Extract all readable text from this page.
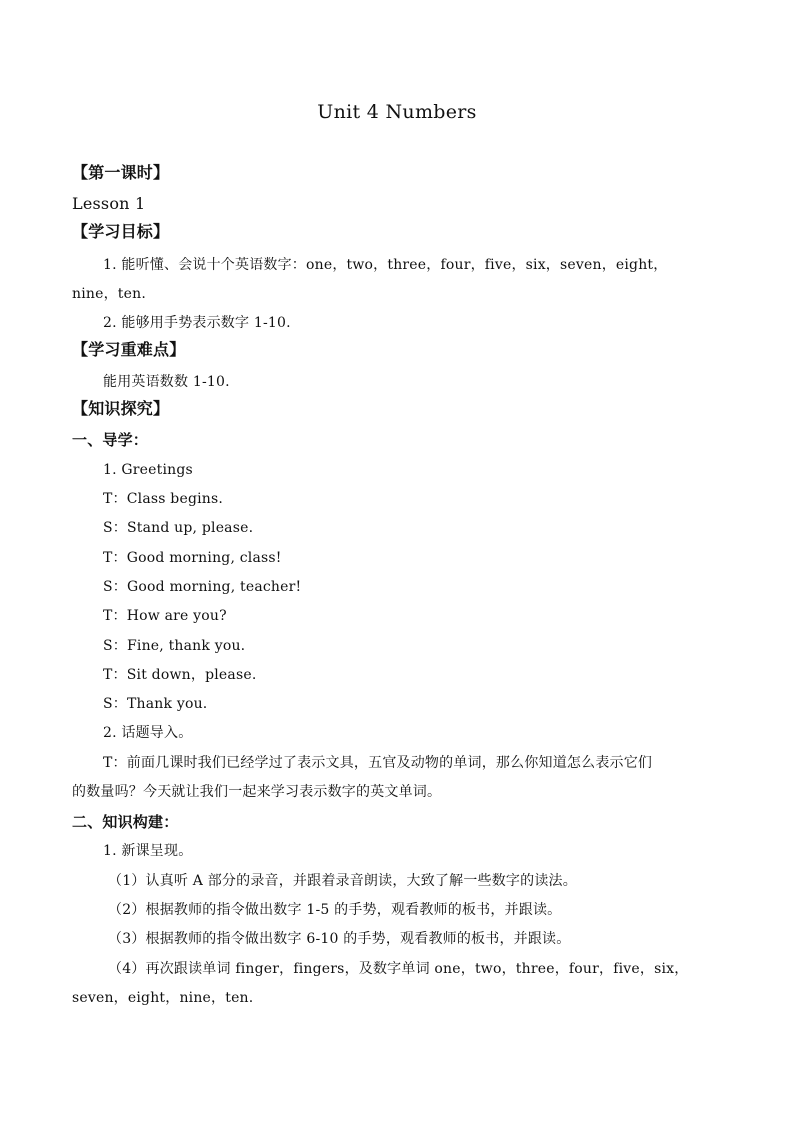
Unit 4 Numbers
【第一课时】
Lesson 1
【学习目标】
1. 能听懂、会说十个英语数字：one，two，three，four，five，six，seven，eight，
nine，ten.
2. 能够用手势表示数字 1-10.
【学习重难点】
能用英语数数 1-10.
【知识探究】
一、导学：
1. Greetings
T：Class begins.
S：Stand up, please.
T：Good morning, class!
S：Good morning, teacher!
T：How are you?
S：Fine, thank you.
T：Sit down，please.
S：Thank you.
2. 话题导入。
T：前面几课时我们已经学过了表示文具，五官及动物的单词，那么你知道怎么表示它们
的数量吗？今天就让我们一起来学习表示数字的英文单词。
二、知识构建：
1. 新课呈现。
（1）认真听 A 部分的录音，并跟着录音朗读，大致了解一些数字的读法。
（2）根据教师的指令做出数字 1-5 的手势，观看教师的板书，并跟读。
（3）根据教师的指令做出数字 6-10 的手势，观看教师的板书，并跟读。
（4）再次跟读单词 finger，fingers，及数字单词 one，two，three，four，five，six，
seven，eight，nine，ten.
